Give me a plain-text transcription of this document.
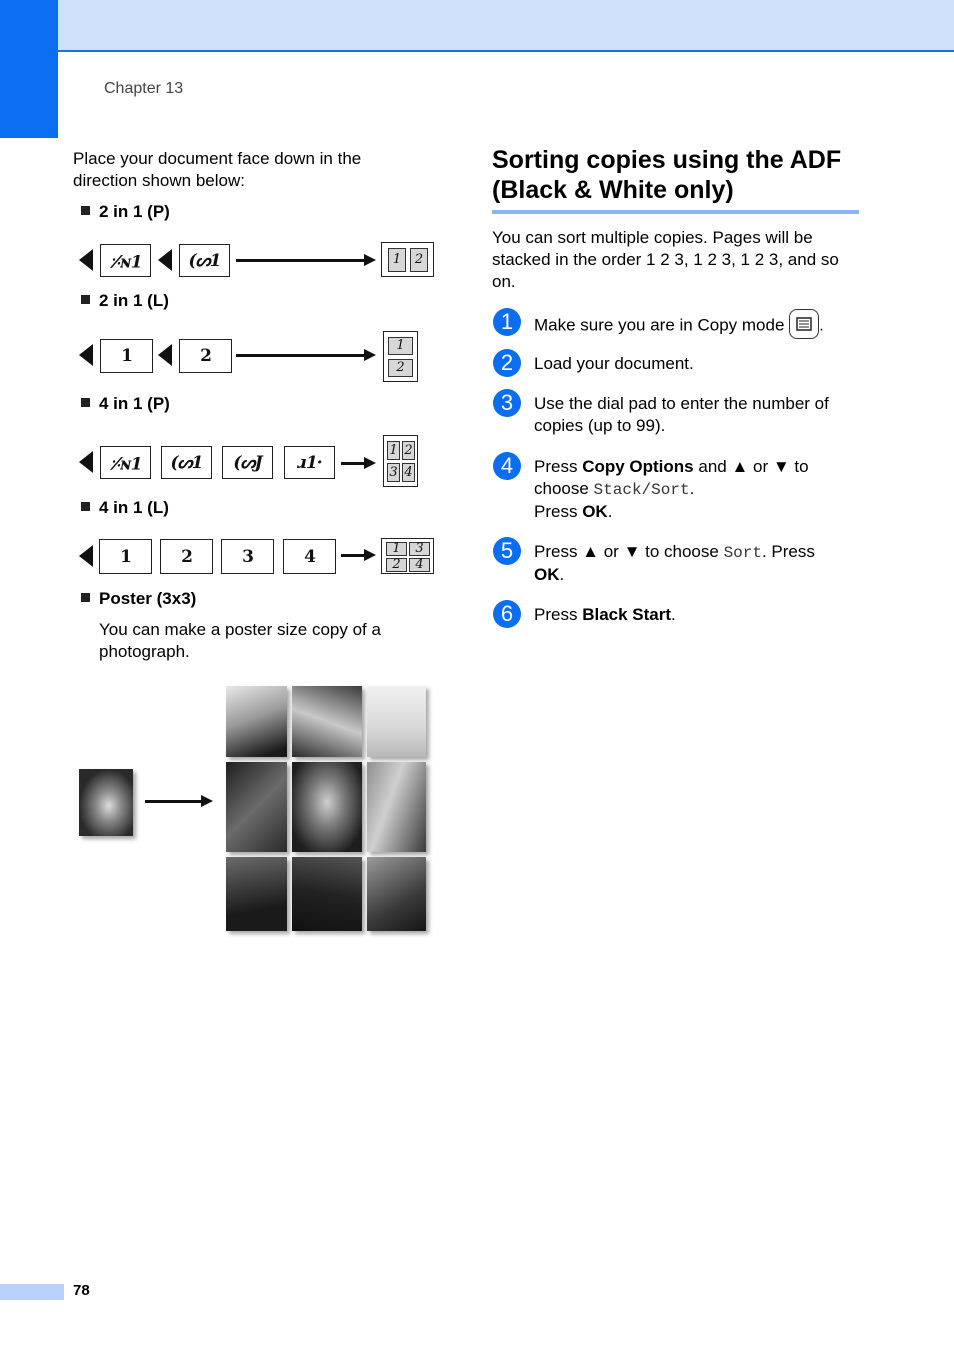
Chapter 13
Place your document face down in the direction shown below:
2 in 1 (P)
⸓ɴ1	(ᔕ1	1	2
2 in 1 (L)
1	2
1
2
4 in 1 (P)
⸓ɴ1 (ᔕ1 (ᔕJ ɹ1·
1 2
3 4
4 in 1 (L)
1	2	3	4	1	3
2	4
Poster (3x3)
You can make a poster size copy of a photograph.
Sorting copies using the ADF (Black & White only)
You can sort multiple copies. Pages will be stacked in the order 1 2 3, 1 2 3, 1 2 3, and so on.
1	Make sure you are in Copy mode .
2	Load your document.
3	Use the dial pad to enter the number of copies (up to 99).
4	Press Copy Options and ▲ or ▼ to choose Stack/Sort.
Press OK.
5	Press ▲ or ▼ to choose Sort. Press
OK.
6	Press Black Start.
78
